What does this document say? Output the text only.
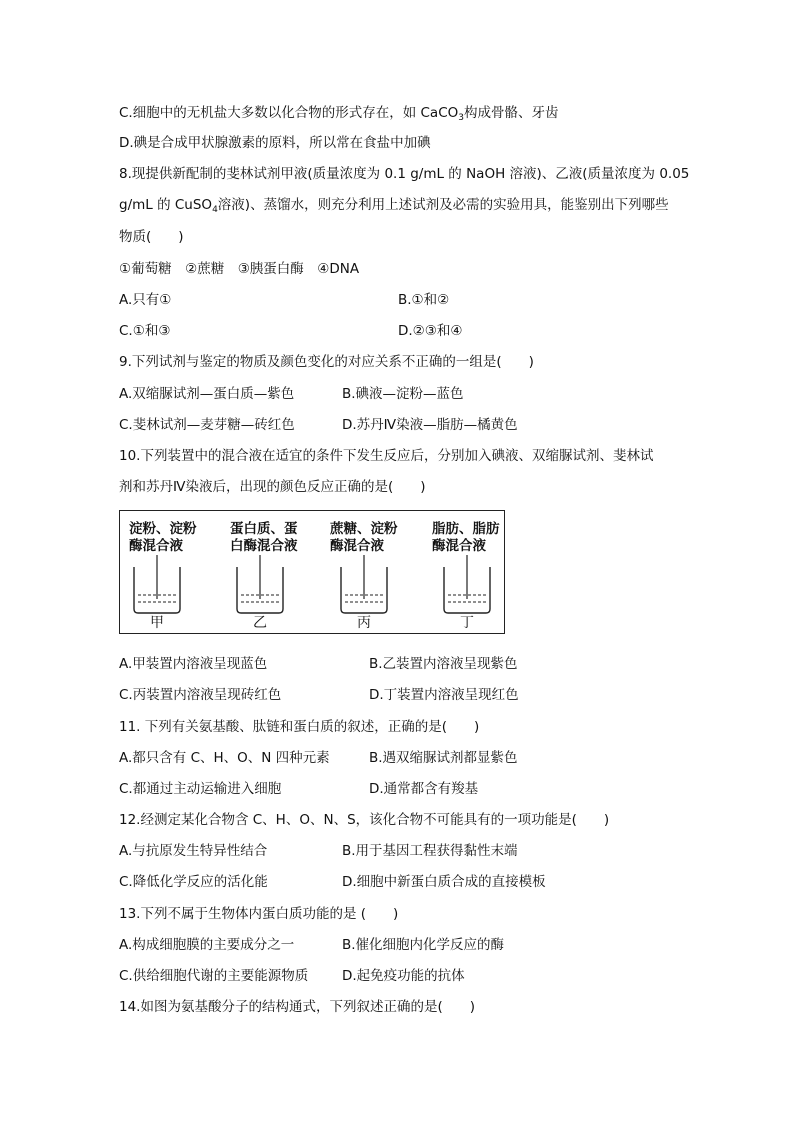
C.细胞中的无机盐大多数以化合物的形式存在，如 CaCO$_3$构成骨骼、牙齿
D.碘是合成甲状腺激素的原料，所以常在食盐中加碘
8.现提供新配制的斐林试剂甲液(质量浓度为 0.1 g/mL 的 NaOH 溶液)、乙液(质量浓度为 0.05
g/mL 的 CuSO$_4$溶液)、蒸馏水，则充分利用上述试剂及必需的实验用具，能鉴别出下列哪些
物质(　　)
①葡萄糖　②蔗糖　③胰蛋白酶　④DNA
A.只有①	B.①和②
C.①和③	D.②③和④
9.下列试剂与鉴定的物质及颜色变化的对应关系不正确的一组是(　　)
A.双缩脲试剂—蛋白质—紫色	B.碘液—淀粉—蓝色
C.斐林试剂—麦芽糖—砖红色	D.苏丹Ⅳ染液—脂肪—橘黄色
10.下列装置中的混合液在适宜的条件下发生反应后，分别加入碘液、双缩脲试剂、斐林试
剂和苏丹Ⅳ染液后，出现的颜色反应正确的是(　　)
淀粉、淀粉
酶混合液
甲
蛋白质、蛋
白酶混合液
乙
蔗糖、淀粉
酶混合液
丙
脂肪、脂肪
酶混合液
丁
A.甲装置内溶液呈现蓝色	B.乙装置内溶液呈现紫色
C.丙装置内溶液呈现砖红色	D.丁装置内溶液呈现红色
11. 下列有关氨基酸、肽链和蛋白质的叙述，正确的是(　　)
A.都只含有 C、H、O、N 四种元素	B.遇双缩脲试剂都显紫色
C.都通过主动运输进入细胞	D.通常都含有羧基
12.经测定某化合物含 C、H、O、N、S，该化合物不可能具有的一项功能是(　　)
A.与抗原发生特异性结合	B.用于基因工程获得黏性末端
C.降低化学反应的活化能	D.细胞中新蛋白质合成的直接模板
13.下列不属于生物体内蛋白质功能的是 (　　)
A.构成细胞膜的主要成分之一	B.催化细胞内化学反应的酶
C.供给细胞代谢的主要能源物质	D.起免疫功能的抗体
14.如图为氨基酸分子的结构通式，下列叙述正确的是(　　)
